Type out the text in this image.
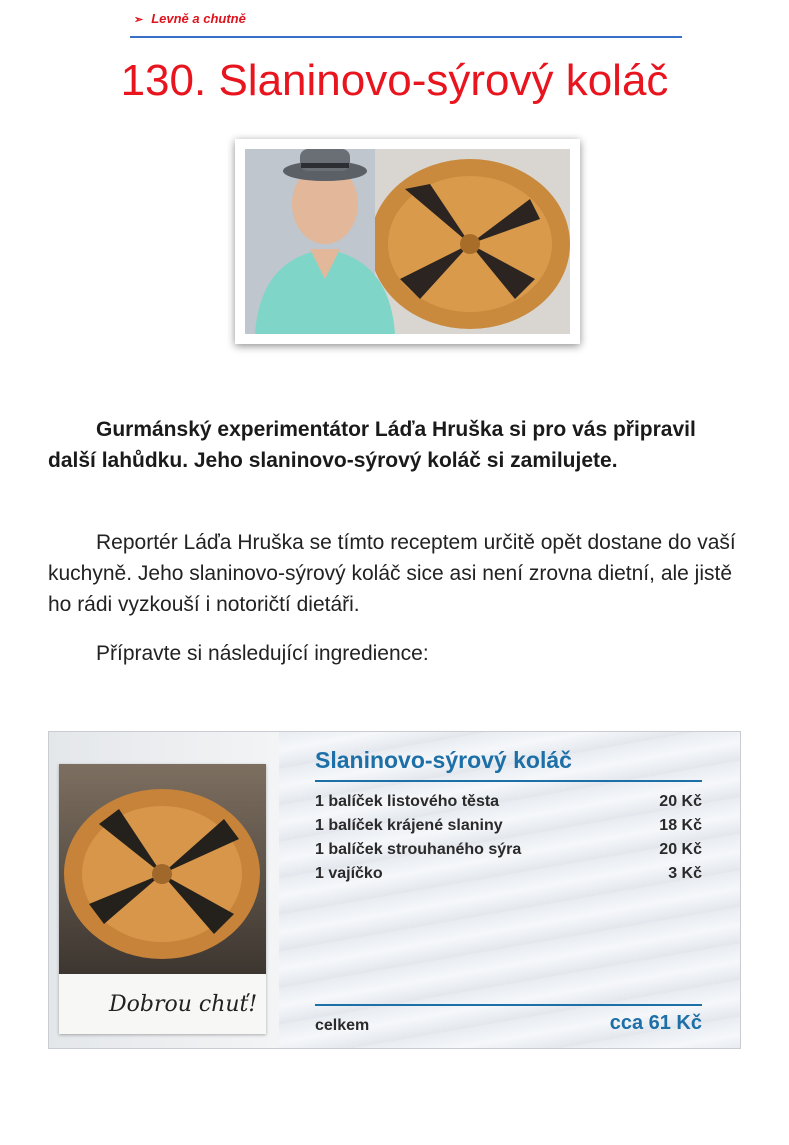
➢ Levně a chutně
130. Slaninovo-sýrový koláč

Gurmánský experimentátor Láďa Hruška si pro vás připravil další lahůdku. Jeho slaninovo-sýrový koláč si zamilujete.

Reportér Láďa Hruška se tímto receptem určitě opět dostane do vaší kuchyně. Jeho slaninovo-sýrový koláč sice asi není zrovna dietní, ale jistě ho rádi vyzkouší i notoričtí dietáři.

Přípravte si následující ingredience:

Dobrou chuť!
Slaninovo-sýrový koláč
1 balíček listového těsta	20 Kč
1 balíček krájené slaniny	18 Kč
1 balíček strouhaného sýra	20 Kč
1 vajíčko	3 Kč
celkem	cca 61 Kč
